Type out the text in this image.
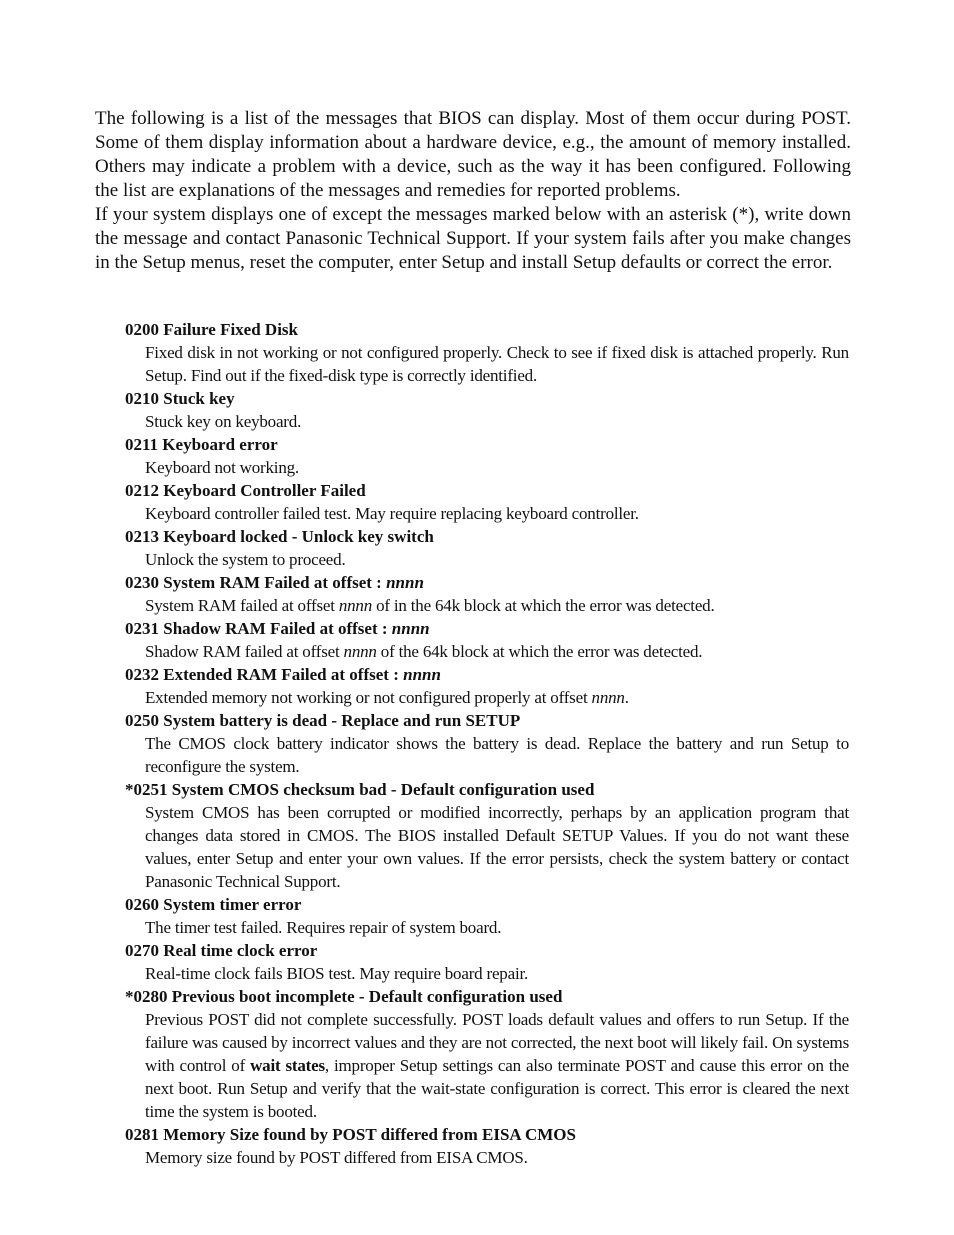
The following is a list of the messages that BIOS can display. Most of them occur during POST. Some of them display information about a hardware device, e.g., the amount of memory installed. Others may indicate a problem with a device, such as the way it has been configured. Following the list are explanations of the messages and remedies for reported problems.

If your system displays one of except the messages marked below with an asterisk (*), write down the message and contact Panasonic Technical Support. If your system fails after you make changes in the Setup menus, reset the computer, enter Setup and install Setup defaults or correct the error.

0200 Failure Fixed Disk
Fixed disk in not working or not configured properly. Check to see if fixed disk is attached properly. Run Setup. Find out if the fixed-disk type is correctly identified.
0210 Stuck key
Stuck key on keyboard.
0211 Keyboard error
Keyboard not working.
0212 Keyboard Controller Failed
Keyboard controller failed test. May require replacing keyboard controller.
0213 Keyboard locked - Unlock key switch
Unlock the system to proceed.
0230 System RAM Failed at offset : nnnn
System RAM failed at offset nnnn of in the 64k block at which the error was detected.
0231 Shadow RAM Failed at offset : nnnn
Shadow RAM failed at offset nnnn of the 64k block at which the error was detected.
0232 Extended RAM Failed at offset : nnnn
Extended memory not working or not configured properly at offset nnnn.
0250 System battery is dead - Replace and run SETUP
The CMOS clock battery indicator shows the battery is dead. Replace the battery and run Setup to reconfigure the system.
*0251 System CMOS checksum bad - Default configuration used
System CMOS has been corrupted or modified incorrectly, perhaps by an application program that changes data stored in CMOS. The BIOS installed Default SETUP Values. If you do not want these values, enter Setup and enter your own values. If the error persists, check the system battery or contact Panasonic Technical Support.
0260 System timer error
The timer test failed. Requires repair of system board.
0270 Real time clock error
Real-time clock fails BIOS test. May require board repair.
*0280 Previous boot incomplete - Default configuration used
Previous POST did not complete successfully. POST loads default values and offers to run Setup. If the failure was caused by incorrect values and they are not corrected, the next boot will likely fail. On systems with control of wait states, improper Setup settings can also terminate POST and cause this error on the next boot. Run Setup and verify that the wait-state configuration is correct. This error is cleared the next time the system is booted.
0281 Memory Size found by POST differed from EISA CMOS
Memory size found by POST differed from EISA CMOS.
